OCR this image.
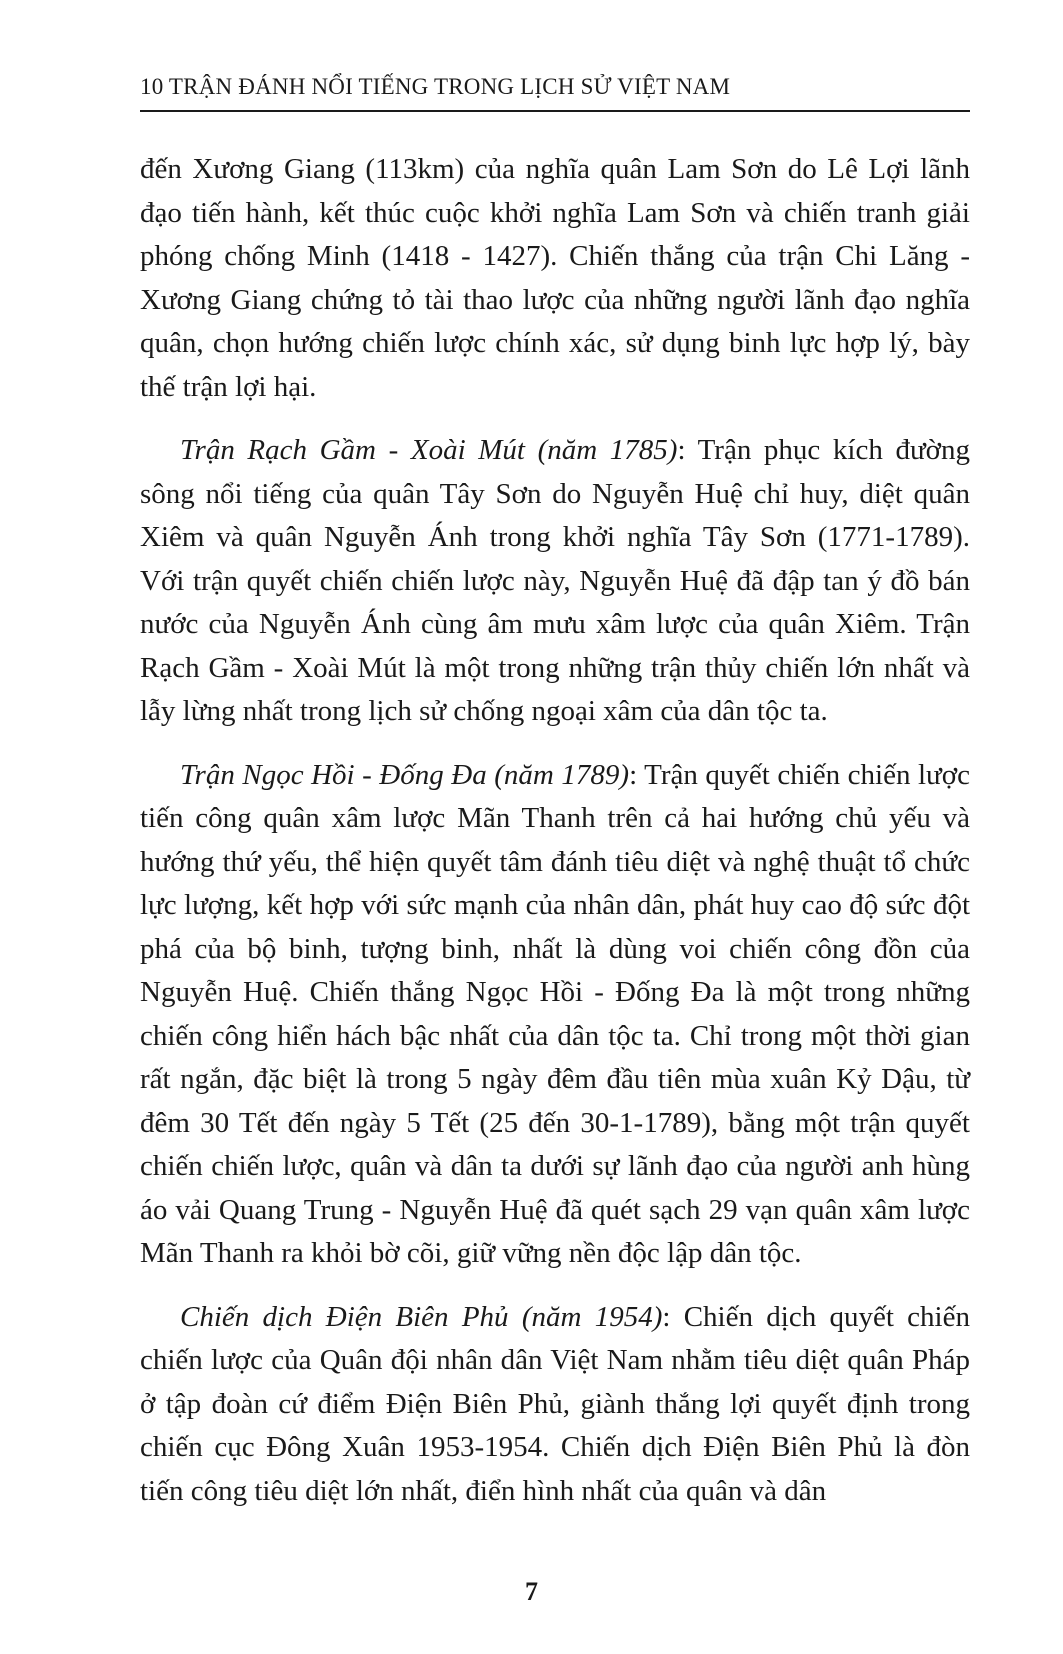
10 TRẬN ĐÁNH NỔI TIẾNG TRONG LỊCH SỬ VIỆT NAM

đến Xương Giang (113km) của nghĩa quân Lam Sơn do Lê Lợi lãnh đạo tiến hành, kết thúc cuộc khởi nghĩa Lam Sơn và chiến tranh giải phóng chống Minh (1418 - 1427). Chiến thắng của trận Chi Lăng - Xương Giang chứng tỏ tài thao lược của những người lãnh đạo nghĩa quân, chọn hướng chiến lược chính xác, sử dụng binh lực hợp lý, bày thế trận lợi hại.

Trận Rạch Gầm - Xoài Mút (năm 1785): Trận phục kích đường sông nổi tiếng của quân Tây Sơn do Nguyễn Huệ chỉ huy, diệt quân Xiêm và quân Nguyễn Ánh trong khởi nghĩa Tây Sơn (1771-1789). Với trận quyết chiến chiến lược này, Nguyễn Huệ đã đập tan ý đồ bán nước của Nguyễn Ánh cùng âm mưu xâm lược của quân Xiêm. Trận Rạch Gầm - Xoài Mút là một trong những trận thủy chiến lớn nhất và lẫy lừng nhất trong lịch sử chống ngoại xâm của dân tộc ta.

Trận Ngọc Hồi - Đống Đa (năm 1789): Trận quyết chiến chiến lược tiến công quân xâm lược Mãn Thanh trên cả hai hướng chủ yếu và hướng thứ yếu, thể hiện quyết tâm đánh tiêu diệt và nghệ thuật tổ chức lực lượng, kết hợp với sức mạnh của nhân dân, phát huy cao độ sức đột phá của bộ binh, tượng binh, nhất là dùng voi chiến công đồn của Nguyễn Huệ. Chiến thắng Ngọc Hồi - Đống Đa là một trong những chiến công hiển hách bậc nhất của dân tộc ta. Chỉ trong một thời gian rất ngắn, đặc biệt là trong 5 ngày đêm đầu tiên mùa xuân Kỷ Dậu, từ đêm 30 Tết đến ngày 5 Tết (25 đến 30-1-1789), bằng một trận quyết chiến chiến lược, quân và dân ta dưới sự lãnh đạo của người anh hùng áo vải Quang Trung - Nguyễn Huệ đã quét sạch 29 vạn quân xâm lược Mãn Thanh ra khỏi bờ cõi, giữ vững nền độc lập dân tộc.

Chiến dịch Điện Biên Phủ (năm 1954): Chiến dịch quyết chiến chiến lược của Quân đội nhân dân Việt Nam nhằm tiêu diệt quân Pháp ở tập đoàn cứ điểm Điện Biên Phủ, giành thắng lợi quyết định trong chiến cục Đông Xuân 1953-1954. Chiến dịch Điện Biên Phủ là đòn tiến công tiêu diệt lớn nhất, điển hình nhất của quân và dân

7
